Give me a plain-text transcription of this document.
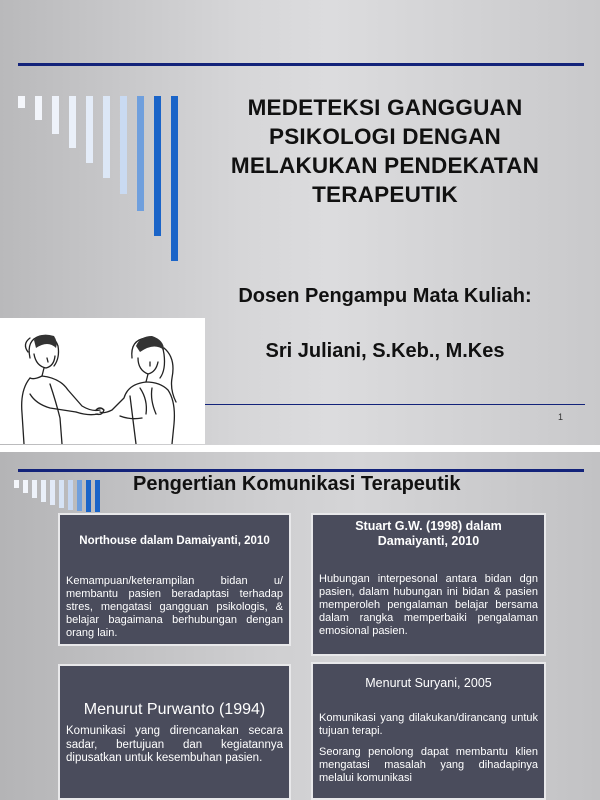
MEDETEKSI GANGGUAN
PSIKOLOGI DENGAN
MELAKUKAN PENDEKATAN
TERAPEUTIK
Dosen Pengampu Mata Kuliah:
Sri Juliani, S.Keb., M.Kes
1
Pengertian Komunikasi Terapeutik
Northouse dalam Damaiyanti, 2010

Kemampuan/keterampilan bidan u/ membantu pasien beradaptasi terhadap stres, mengatasi gangguan psikologis, & belajar bagaimana berhubungan dengan orang lain.

Stuart G.W. (1998) dalam Damaiyanti, 2010

Hubungan interpesonal antara bidan dgn pasien, dalam hubungan ini bidan & pasien memperoleh pengalaman belajar bersama dalam rangka memperbaiki pengalaman emosional pasien.

Menurut Purwanto (1994)

Komunikasi yang direncanakan secara sadar, bertujuan dan kegiatannya dipusatkan untuk kesembuhan pasien.

Menurut Suryani, 2005

Komunikasi yang dilakukan/dirancang untuk tujuan terapi.

Seorang penolong dapat membantu klien mengatasi masalah yang dihadapinya melalui komunikasi
